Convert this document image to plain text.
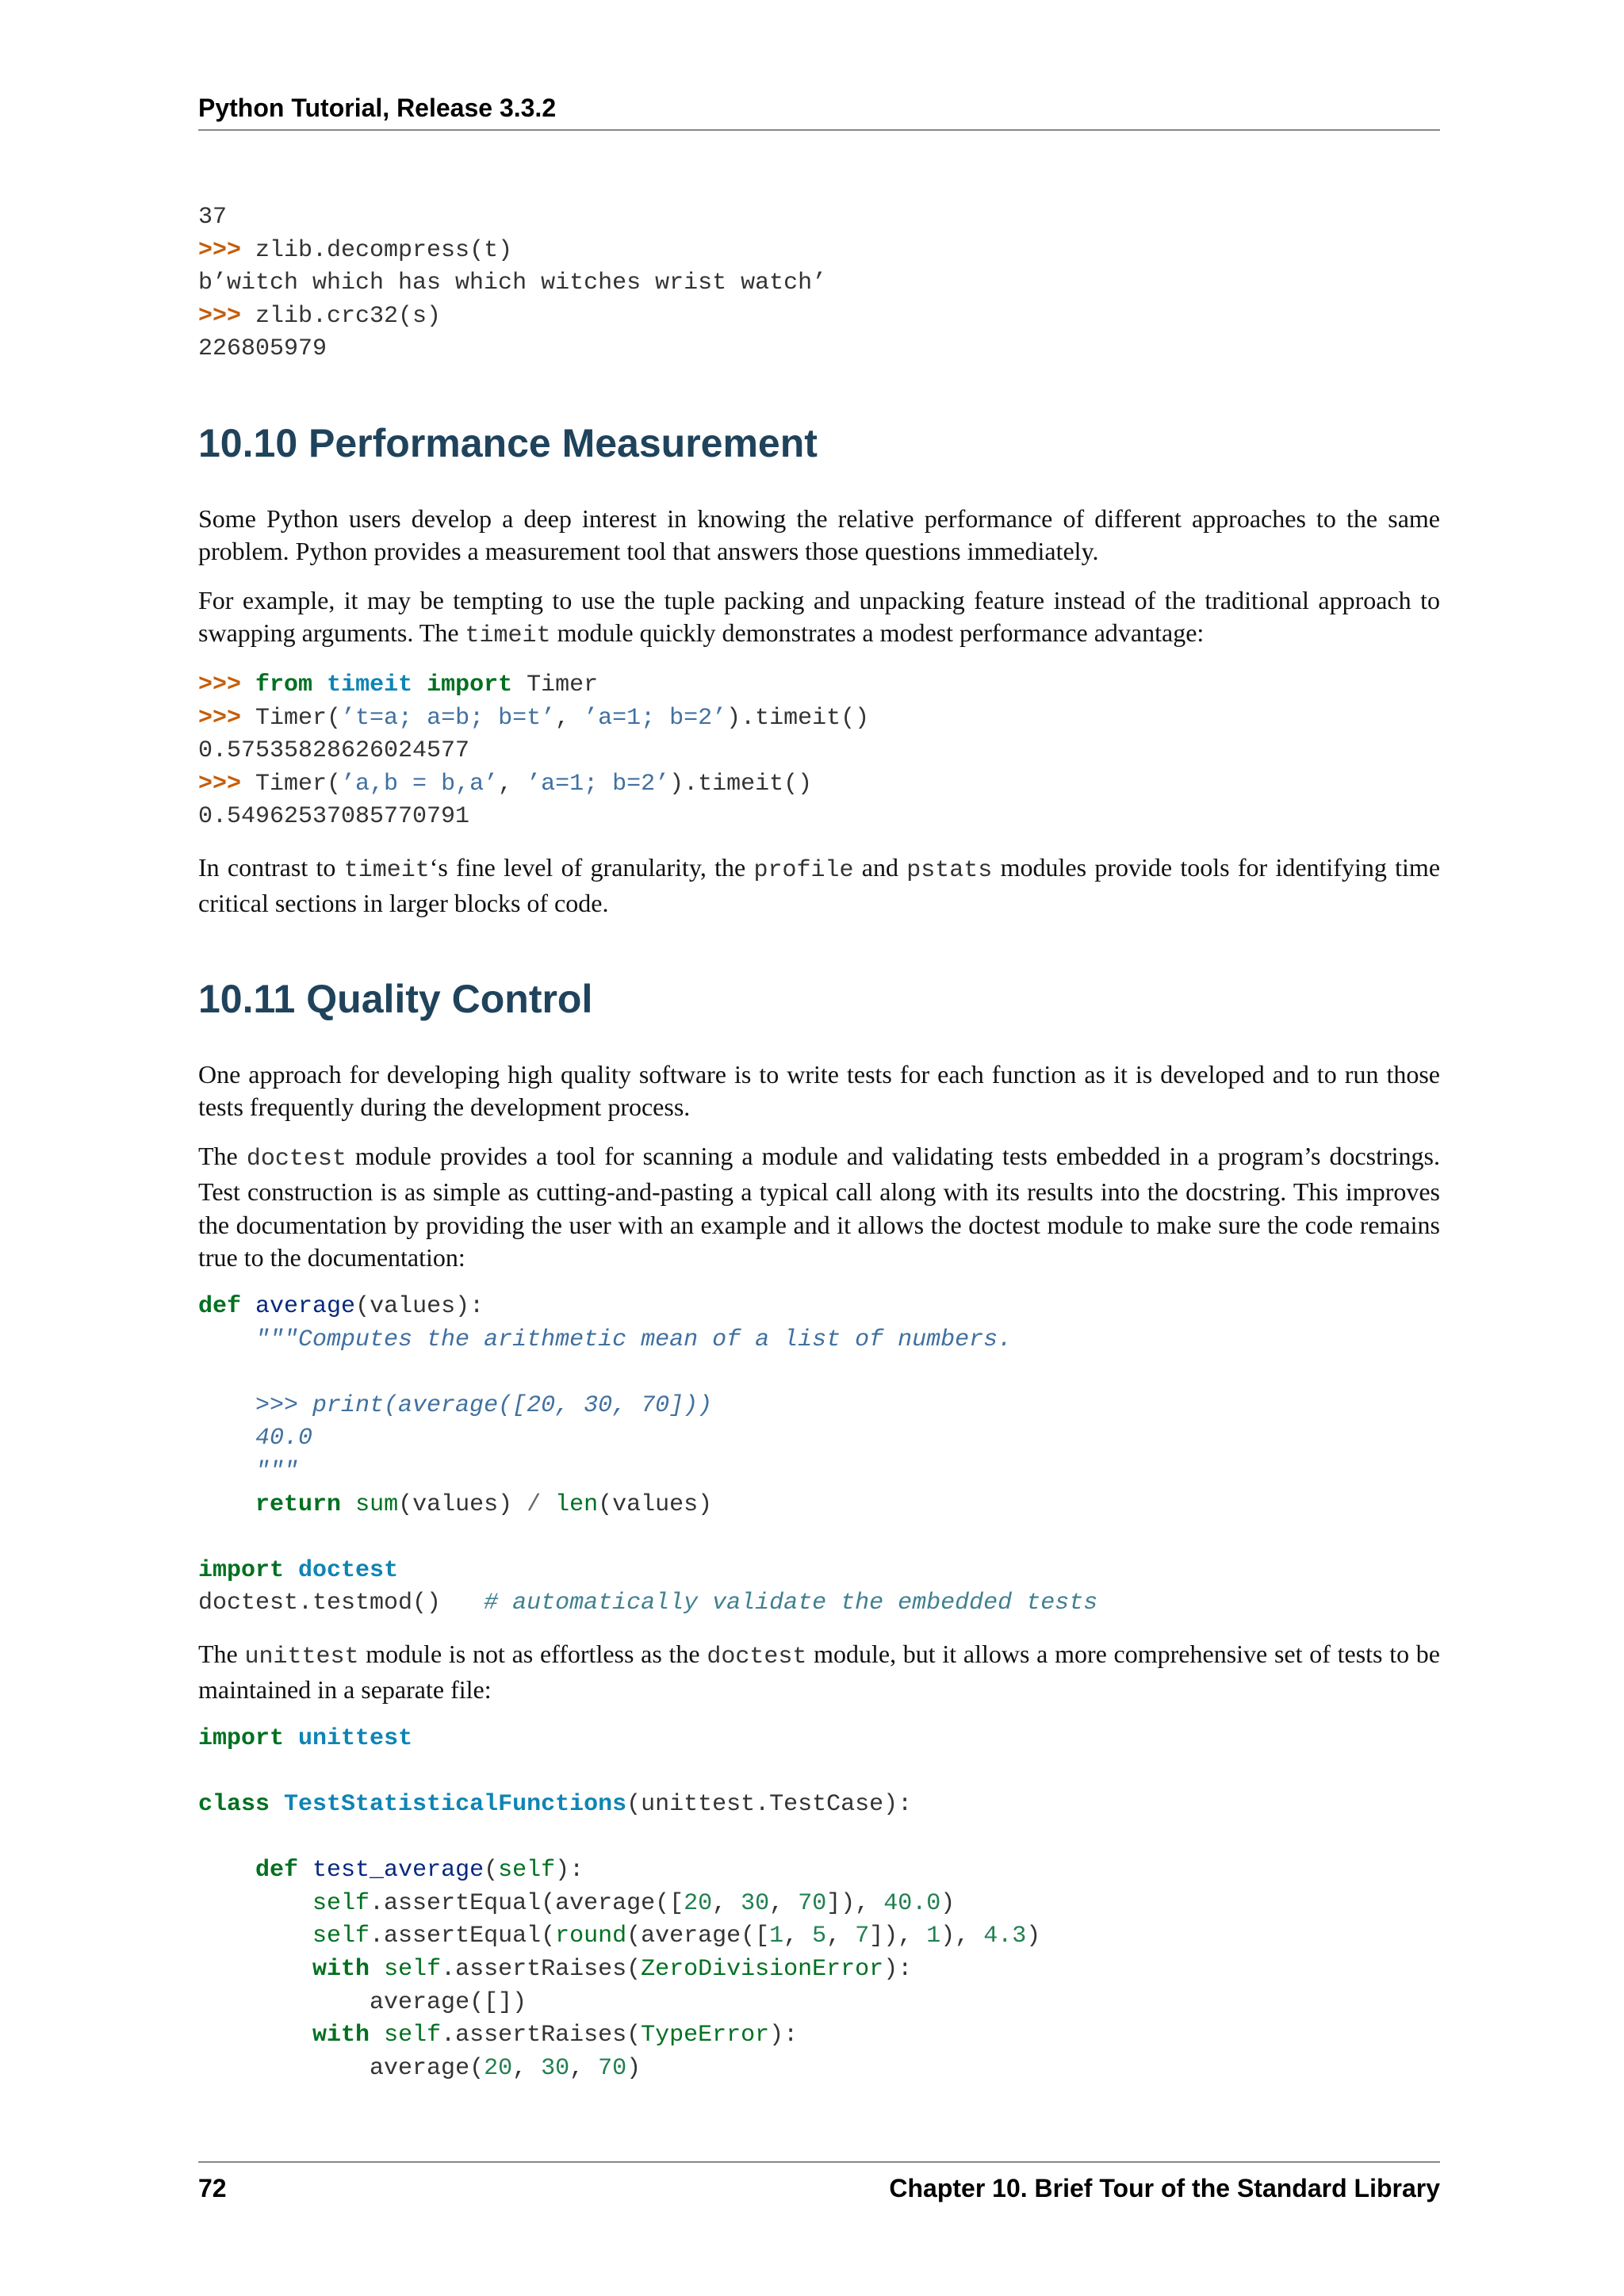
Python Tutorial, Release 3.3.2
37
>>> zlib.decompress(t)
b’witch which has which witches wrist watch’
>>> zlib.crc32(s)
226805979
10.10 Performance Measurement

Some Python users develop a deep interest in knowing the relative performance of different approaches to the same problem. Python provides a measurement tool that answers those questions immediately.

For example, it may be tempting to use the tuple packing and unpacking feature instead of the traditional approach to swapping arguments. The timeit module quickly demonstrates a modest performance advantage:

>>> from timeit import Timer
>>> Timer(’t=a; a=b; b=t’, ’a=1; b=2’).timeit()
0.57535828626024577
>>> Timer(’a,b = b,a’, ’a=1; b=2’).timeit()
0.54962537085770791

In contrast to timeit‘s fine level of granularity, the profile and pstats modules provide tools for identifying time critical sections in larger blocks of code.

10.11 Quality Control

One approach for developing high quality software is to write tests for each function as it is developed and to run those tests frequently during the development process.

The doctest module provides a tool for scanning a module and validating tests embedded in a program’s docstrings. Test construction is as simple as cutting-and-pasting a typical call along with its results into the docstring. This improves the documentation by providing the user with an example and it allows the doctest module to make sure the code remains true to the documentation:

def average(values):
"""Computes the arithmetic mean of a list of numbers.

>>> print(average([20, 30, 70]))
40.0
"""
return sum(values) / len(values)

import doctest
doctest.testmod() # automatically validate the embedded tests

The unittest module is not as effortless as the doctest module, but it allows a more comprehensive set of tests to be maintained in a separate file:

import unittest

class TestStatisticalFunctions(unittest.TestCase):

def test_average(self):
self.assertEqual(average([20, 30, 70]), 40.0)
self.assertEqual(round(average([1, 5, 7]), 1), 4.3)
with self.assertRaises(ZeroDivisionError):
average([])
with self.assertRaises(TypeError):
average(20, 30, 70)
72	Chapter 10. Brief Tour of the Standard Library
